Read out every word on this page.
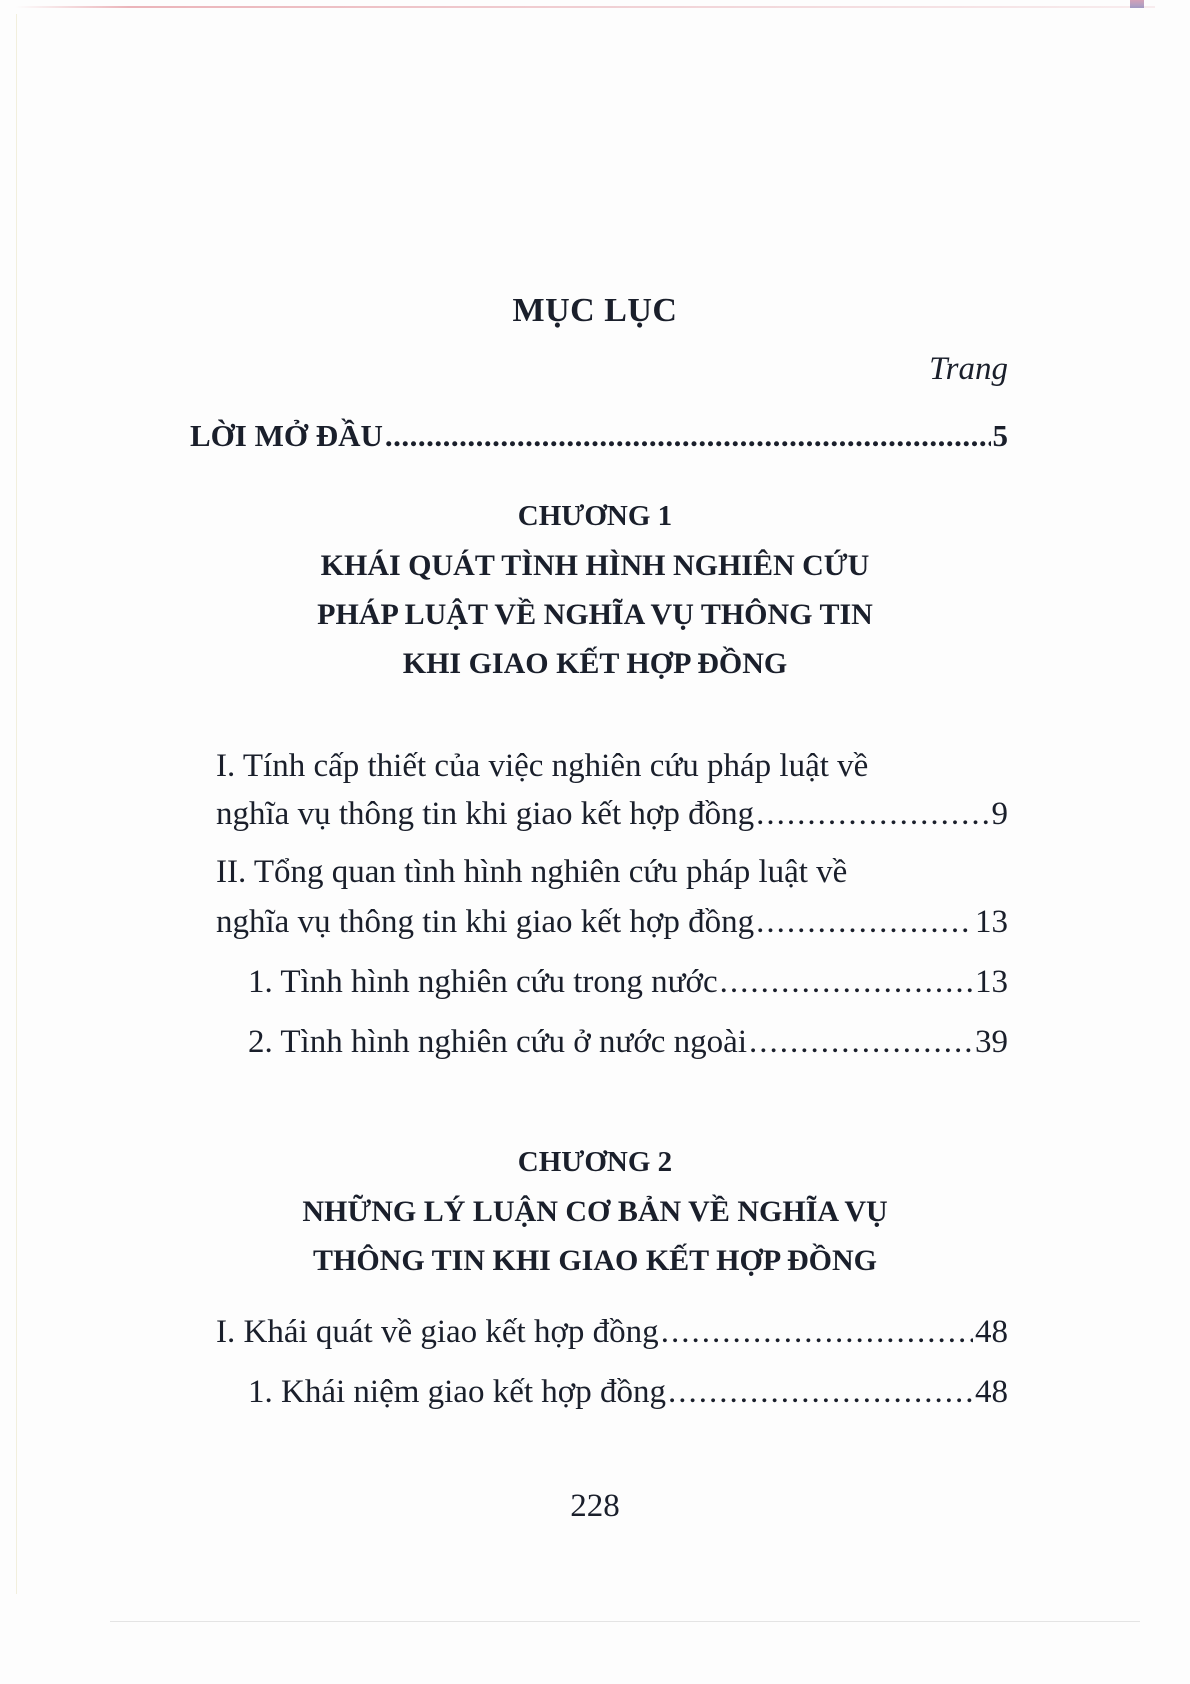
MỤC LỤC
Trang
LỜI MỞ ĐẦU .....	5
CHƯƠNG 1
KHÁI QUÁT TÌNH HÌNH NGHIÊN CỨU
PHÁP LUẬT VỀ NGHĨA VỤ THÔNG TIN
KHI GIAO KẾT HỢP ĐỒNG
I. Tính cấp thiết của việc nghiên cứu pháp luật về
nghĩa vụ thông tin khi giao kết hợp đồng .....	9
II. Tổng quan tình hình nghiên cứu pháp luật về
nghĩa vụ thông tin khi giao kết hợp đồng .....	13
1. Tình hình nghiên cứu trong nước .....	13
2. Tình hình nghiên cứu ở nước ngoài .....	39
CHƯƠNG 2
NHỮNG LÝ LUẬN CƠ BẢN VỀ NGHĨA VỤ
THÔNG TIN KHI GIAO KẾT HỢP ĐỒNG
I. Khái quát về giao kết hợp đồng .....	48
1. Khái niệm giao kết hợp đồng .....	48
228
